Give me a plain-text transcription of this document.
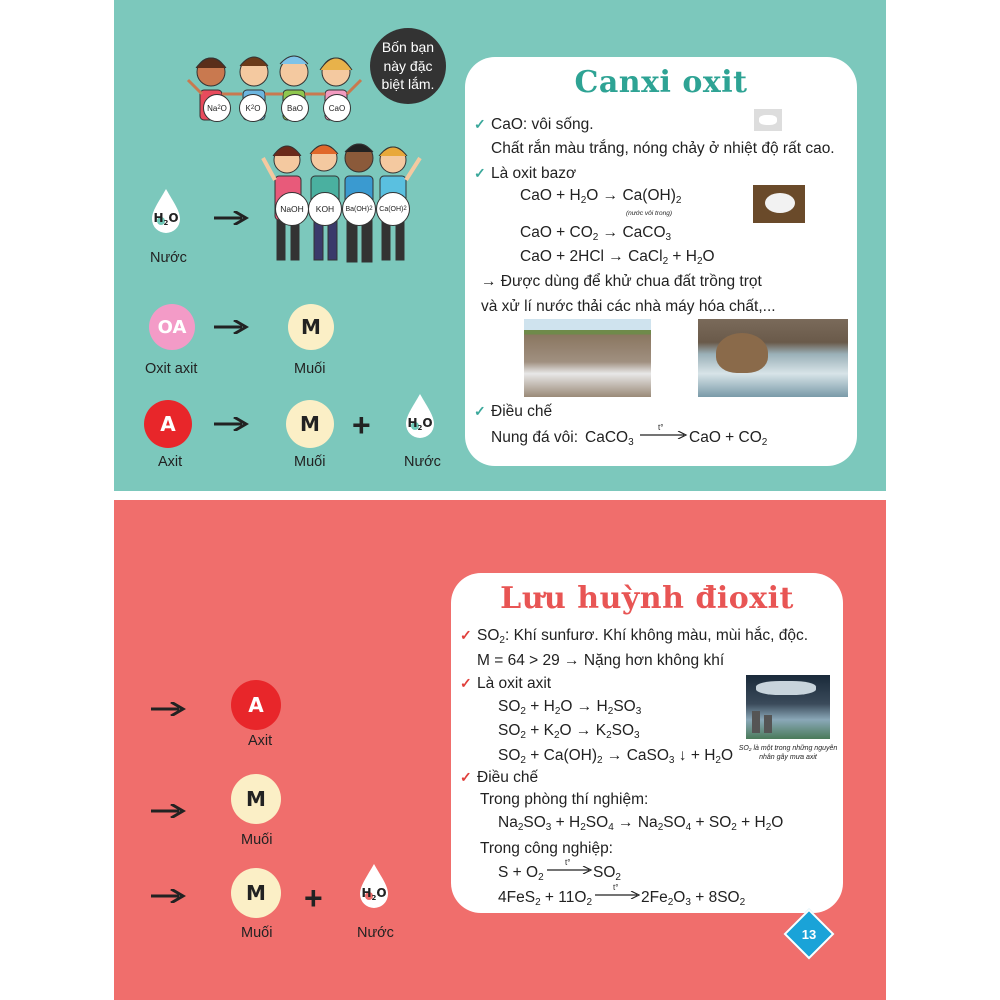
Na 2 O	K 2 O	BaO	CaO
Bốn bạn này đặc biệt lắm.
NaOH	KOH	Ba(OH) 2 Ca(OH) 2
$H_2O$
Nước
OA
Oxit axit
M
Muối
A
Axit
M
Muối
+	$H_2O$
Nước
Canxi oxit
✓ CaO: vôi sống.
Chất rắn màu trắng, nóng chảy ở nhiệt độ rất cao.
✓ Là oxit bazơ
CaO + $H_2O \to Ca(OH)_2$
(nước vôi trong)
CaO + $CO_2$ → CaCO$_3$
CaO + 2HCl → CaCl$_2$ + $H_2O$
→ Được dùng để khử chua đất trồng trọt
và xử lí nước thải các nhà máy hóa chất,...
✓ Điều chế
Nung đá vôi: CaCO$_3$
t°
CaO + $CO_2$
A
Axit
M
Muối
M
Muối
+	$H_2O$
Nước
Lưu huỳnh đioxit
✓ $SO_2$: Khí sunfurơ. Khí không màu, mùi hắc, độc.
M = 64 > 29 → Nặng hơn không khí
✓ Là oxit axit
$SO_2 + H_2O \to H_2SO_3$
$SO_2 + K_2O \to K_2SO_3$
$SO_2 + Ca(OH)_2$ → CaSO$_3$ ↓ + $H_2O$ SO₂ là một trong những nguyên nhân gây mưa axit
✓ Điều chế
Trong phòng thí nghiệm:
$Na_2SO_3 + H_2SO_4 \to Na_2SO_4 + SO_2 + H_2O$
Trong công nghiệp:
$S + O_2$
t°
$SO_2$
$4FeS_2 + 11O_2$
t°
$2Fe_2O_3 + 8SO_2$
13
